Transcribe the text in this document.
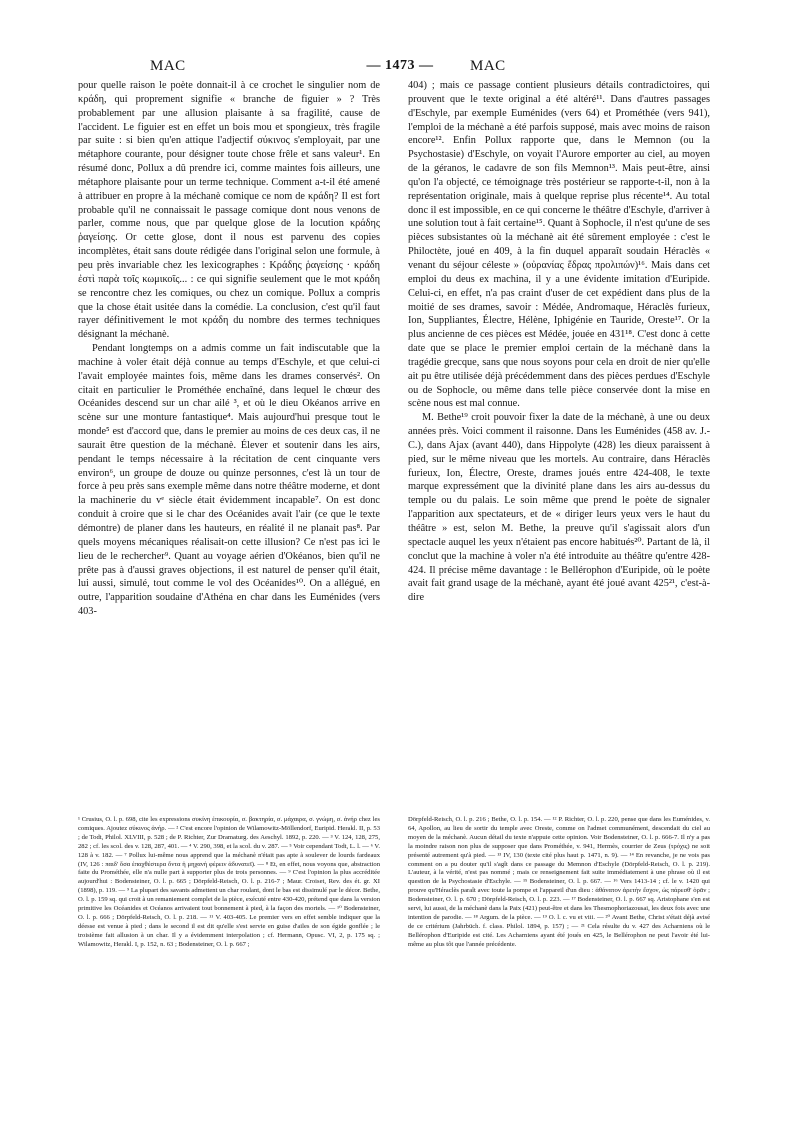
MAC	— 1473 —	MAC

pour quelle raison le poète donnait-il à ce crochet le singulier nom de κράδη, qui proprement signifie « branche de figuier » ? Très probablement par une allusion plaisante à sa fragilité, cause de l'accident. Le figuier est en effet un bois mou et spongieux, très fragile par suite : si bien qu'en attique l'adjectif σύκινος s'employait, par une métaphore courante, pour désigner toute chose frêle et sans valeur¹. En résumé donc, Pollux a dû prendre ici, comme maintes fois ailleurs, une métaphore plaisante pour un terme technique. Comment a-t-il été amené à attribuer en propre à la méchanè comique ce nom de κράδη? Il est fort probable qu'il ne connaissait le passage comique dont nous venons de parler, comme nous, que par quelque glose de la locution κράδης ῥαγείσης. Or cette glose, dont il nous est parvenu des copies incomplètes, était sans doute rédigée dans l'original selon une formule, à peu près invariable chez les lexicographes : Κράδης ῥαγείσης · κράδη ἐστὶ παρὰ τοῖς κωμικοῖς... : ce qui signifie seulement que le mot κράδη se rencontre chez les comiques, ou chez un comique. Pollux a compris que la chose était usitée dans la comédie. La conclusion, c'est qu'il faut rayer définitivement le mot κράδη du nombre des termes techniques désignant la méchanè.

Pendant longtemps on a admis comme un fait indiscutable que la machine à voler était déjà connue au temps d'Eschyle, et que celui-ci l'avait employée maintes fois, même dans les drames conservés². On citait en particulier le Prométhée enchaîné, dans lequel le chœur des Océanides descend sur un char ailé ³, et où le dieu Okéanos arrive en scène sur une monture fantastique⁴. Mais aujourd'hui presque tout le monde⁵ est d'accord que, dans le premier au moins de ces deux cas, il ne saurait être question de la méchanè. Élever et soutenir dans les airs, pendant le temps nécessaire à la récitation de cent cinquante vers environ⁶, un groupe de douze ou quinze personnes, c'est là un tour de force à peu près sans exemple même dans notre théâtre moderne, et dont la machinerie du vᵉ siècle était évidemment incapable⁷. On est donc conduit à croire que si le char des Océanides avait l'air (ce que le texte démontre) de planer dans les hauteurs, en réalité il ne planait pas⁸. Par quels moyens mécaniques réalisait-on cette illusion? Ce n'est pas ici le lieu de le rechercher⁹. Quant au voyage aérien d'Okéanos, bien qu'il ne prête pas à d'aussi graves objections, il est naturel de penser qu'il était, lui aussi, simulé, tout comme le vol des Océanides¹⁰. On a allégué, en outre, l'apparition soudaine d'Athéna en char dans les Euménides (vers 403-

404) ; mais ce passage contient plusieurs détails contradictoires, qui prouvent que le texte original a été altéré¹¹. Dans d'autres passages d'Eschyle, par exemple Euménides (vers 64) et Prométhée (vers 941), l'emploi de la méchanè a été parfois supposé, mais avec moins de raison encore¹². Enfin Pollux rapporte que, dans le Memnon (ou la Psychostasie) d'Eschyle, on voyait l'Aurore emporter au ciel, au moyen de la géranos, le cadavre de son fils Memnon¹³. Mais peut-être, ainsi qu'on l'a objecté, ce témoignage très postérieur se rapporte-t-il, non à la représentation originale, mais à quelque reprise plus récente¹⁴. Au total donc il est impossible, en ce qui concerne le théâtre d'Eschyle, d'arriver à une solution tout à fait certaine¹⁵. Quant à Sophocle, il n'est qu'une de ses pièces subsistantes où la méchanè ait été sûrement employée : c'est le Philoctète, joué en 409, à la fin duquel apparaît soudain Héraclès « venant du séjour céleste » (οὐρανίας ἕδρας προλιπών)¹⁶. Mais dans cet emploi du deus ex machina, il y a une évidente imitation d'Euripide. Celui-ci, en effet, n'a pas craint d'user de cet expédient dans plus de la moitié de ses drames, savoir : Médée, Andromaque, Héraclès furieux, Ion, Suppliantes, Électre, Hélène, Iphigénie en Tauride, Oreste¹⁷. Or la plus ancienne de ces pièces est Médée, jouée en 431¹⁸. C'est donc à cette date que se place le premier emploi certain de la méchanè dans la tragédie grecque, sans que nous soyons pour cela en droit de nier qu'elle ait pu être utilisée déjà précédemment dans des pièces perdues d'Eschyle ou de Sophocle, ou même dans telle pièce conservée dont la mise en scène nous est mal connue.

M. Bethe¹⁹ croit pouvoir fixer la date de la méchanè, à une ou deux années près. Voici comment il raisonne. Dans les Euménides (458 av. J.-C.), dans Ajax (avant 440), dans Hippolyte (428) les dieux paraissent à pied, sur le même niveau que les mortels. Au contraire, dans Héraclès furieux, Ion, Électre, Oreste, drames joués entre 424-408, le texte marque expressément que la divinité plane dans les airs au-dessus du temple ou du palais. Le soin même que prend le poète de signaler l'apparition aux spectateurs, et de « diriger leurs yeux vers le haut du théâtre » est, selon M. Bethe, la preuve qu'il s'agissait alors d'un spectacle auquel les yeux n'étaient pas encore habitués²⁰. Partant de là, il conclut que la machine à voler n'a été introduite au théâtre qu'entre 428-424. Il précise même davantage : le Bellérophon d'Euripide, où le poète avait fait grand usage de la méchanè, ayant été joué avant 425²¹, c'est-à-dire

¹ Crusius, O. l. p. 698, cite les expressions συκίνη ἐπικουρία, σ. βακτηρία, σ. μάχαιρα, σ. γνώμη, σ. ἀνήρ chez les comiques. Ajoutez σύκινος ἀνήρ. — ² C'est encore l'opinion de Wilamowitz-Möllendorf, Euripid. Herakl. II, p. 53 ; de Todt, Philol. XLVIII, p. 528 ; de P. Richter, Zur Dramaturg. des Aeschyl. 1892, p. 220. — ³ V. 124, 128, 275, 282 ; cf. les scol. des v. 128, 287, 401. — ⁴ V. 290, 398, et la scol. du v. 287. — ⁵ Voir cependant Todt, L. l. — ⁶ V. 128 à v. 182. — ⁷ Pollux lui-même nous apprend que la méchanè n'était pas apte à soulever de lourds fardeaux (IV, 126 : παιδ' ὅσα ἐπαχθέστερα ὄντα ἡ μηχανὴ φέρειν ἀδυνατεῖ). — ⁸ Et, en effet, nous voyons que, abstraction faite du Prométhée, elle n'a nulle part à supporter plus de trois personnes. — ⁹ C'est l'opinion la plus accréditée aujourd'hui : Bodensteiner, O. l. p. 665 ; Dörpfeld-Reisch, O. l. p. 216-7 ; Maur. Croiset, Rev. des ét. gr. XI (1898), p. 119. — ⁹ La plupart des savants admettent un char roulant, dont le bas est dissimulé par le décor. Bethe, O. l. p. 159 sq. qui croit à un remaniement complet de la pièce, exécuté entre 430-420, prétend que dans la version primitive les Océanides et Océanos arrivaient tout bonnement à pied, à la façon des mortels. — ¹⁰ Bodensteiner, O. l. p. 666 ; Dörpfeld-Reisch, O. l. p. 218. — ¹¹ V. 403-405. Le premier vers en effet semble indiquer que la déesse est venue à pied ; dans le second il est dit qu'elle s'est servie en guise d'ailes de son égide gonflée ; le troisième fait allusion à un char. Il y a évidemment interpolation ; cf. Hermann, Opusc. VI, 2, p. 175 sq. ; Wilamowitz, Herakl. I, p. 152, n. 63 ; Bodensteiner, O. l. p. 667 ;

Dörpfeld-Reisch, O. l. p. 216 ; Bethe, O. l. p. 154. — ¹² P. Richter, O. l. p. 220, pense que dans les Euménides, v. 64, Apollon, au lieu de sortir du temple avec Oreste, comme on l'admet communément, descendait du ciel au moyen de la méchanè. Aucun détail du texte n'appuie cette opinion. Voir Bodensteiner, O. l. p. 666-7. Il n'y a pas la moindre raison non plus de supposer que dans Prométhée, v. 941, Hermès, courrier de Zeus (τρόχις) ne soit présenté autrement qu'à pied. — ¹³ IV, 130 (texte cité plus haut p. 1471, n. 9). — ¹⁴ En revanche, je ne vois pas comment on a pu douter qu'il s'agît dans ce passage du Memnon d'Eschyle (Dörpfeld-Reisch, O. l. p. 219). L'auteur, à la vérité, n'est pas nommé ; mais ce renseignement fait suite immédiatement à une phrase où il est question de la Psychostasie d'Eschyle. — ¹⁵ Bodensteiner, O. l. p. 667. — ¹⁶ Vers 1413-14 ; cf. le v. 1420 qui prouve qu'Héraclès paraît avec toute la pompe et l'appareil d'un dieu : ἀθάνατον ἀρετὴν ἔσχον, ὡς πάρεσθ' ὁρᾶν ; Bodensteiner, O. l. p. 670 ; Dörpfeld-Reisch, O. l. p. 223. — ¹⁷ Bodensteiner, O. l. p. 667 sq. Aristophane s'en est servi, lui aussi, de la méchanè dans la Paix (421) peut-être et dans les Thesmophoriazousai, les deux fois avec une intention de parodie. — ¹⁸ Argum. de la pièce. — ¹⁹ O. l. c. vu et viii. — ²⁰ Avant Bethe, Christ s'était déjà avisé de ce critérium (Jahrbüch. f. class. Philol. 1894, p. 157) ; — ²¹ Cela résulte du v. 427 des Acharniens où le Bellérophon d'Euripide est cité. Les Acharniens ayant été joués en 425, le Bellérophon ne peut l'avoir été lui-même au plus tôt que l'année précédente.
